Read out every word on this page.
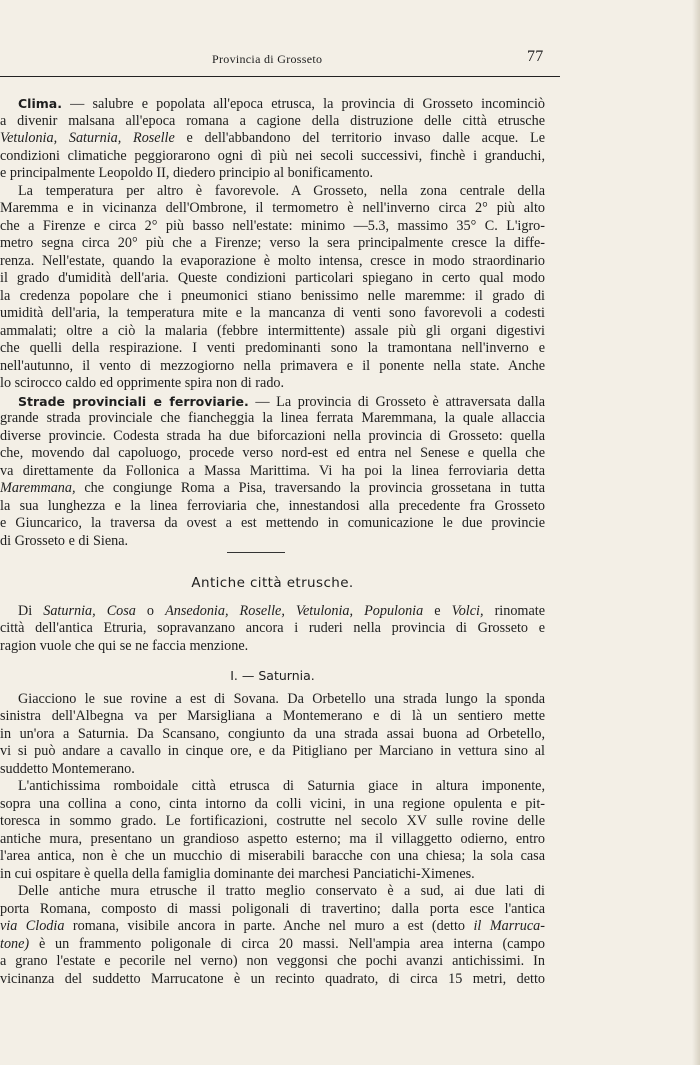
Provincia di Grosseto	77
Clima. — salubre e popolata all'epoca etrusca, la provincia di Grosseto incominciò
a divenir malsana all'epoca romana a cagione della distruzione delle città etrusche
Vetulonia, Saturnia, Roselle e dell'abbandono del territorio invaso dalle acque. Le
condizioni climatiche peggiorarono ogni dì più nei secoli successivi, finchè i granduchi,
e principalmente Leopoldo II, diedero principio al bonificamento.
La temperatura per altro è favorevole. A Grosseto, nella zona centrale della
Maremma e in vicinanza dell'Ombrone, il termometro è nell'inverno circa 2° più alto
che a Firenze e circa 2° più basso nell'estate: minimo —5.3, massimo 35° C. L'igro-
metro segna circa 20° più che a Firenze; verso la sera principalmente cresce la diffe-
renza. Nell'estate, quando la evaporazione è molto intensa, cresce in modo straordinario
il grado d'umidità dell'aria. Queste condizioni particolari spiegano in certo qual modo
la credenza popolare che i pneumonici stiano benissimo nelle maremme: il grado di
umidità dell'aria, la temperatura mite e la mancanza di venti sono favorevoli a codesti
ammalati; oltre a ciò la malaria (febbre intermittente) assale più gli organi digestivi
che quelli della respirazione. I venti predominanti sono la tramontana nell'inverno e
nell'autunno, il vento di mezzogiorno nella primavera e il ponente nella state. Anche
lo scirocco caldo ed opprimente spira non di rado.
Strade provinciali e ferroviarie. — La provincia di Grosseto è attraversata dalla
grande strada provinciale che fiancheggia la linea ferrata Maremmana, la quale allaccia
diverse provincie. Codesta strada ha due biforcazioni nella provincia di Grosseto: quella
che, movendo dal capoluogo, procede verso nord-est ed entra nel Senese e quella che
va direttamente da Follonica a Massa Marittima. Vi ha poi la linea ferroviaria detta
Maremmana, che congiunge Roma a Pisa, traversando la provincia grossetana in tutta
la sua lunghezza e la linea ferroviaria che, innestandosi alla precedente fra Grosseto
e Giuncarico, la traversa da ovest a est mettendo in comunicazione le due provincie
di Grosseto e di Siena.
Antiche città etrusche.
Di Saturnia, Cosa o Ansedonia, Roselle, Vetulonia, Populonia e Volci, rinomate
città dell'antica Etruria, sopravanzano ancora i ruderi nella provincia di Grosseto e
ragion vuole che qui se ne faccia menzione.
I. — Saturnia.
Giacciono le sue rovine a est di Sovana. Da Orbetello una strada lungo la sponda
sinistra dell'Albegna va per Marsigliana a Montemerano e di là un sentiero mette
in un'ora a Saturnia. Da Scansano, congiunto da una strada assai buona ad Orbetello,
vi si può andare a cavallo in cinque ore, e da Pitigliano per Marciano in vettura sino al
suddetto Montemerano.
L'antichissima romboidale città etrusca di Saturnia giace in altura imponente,
sopra una collina a cono, cinta intorno da colli vicini, in una regione opulenta e pit-
toresca in sommo grado. Le fortificazioni, costrutte nel secolo XV sulle rovine delle
antiche mura, presentano un grandioso aspetto esterno; ma il villaggetto odierno, entro
l'area antica, non è che un mucchio di miserabili baracche con una chiesa; la sola casa
in cui ospitare è quella della famiglia dominante dei marchesi Panciatichi-Ximenes.
Delle antiche mura etrusche il tratto meglio conservato è a sud, ai due lati di
porta Romana, composto di massi poligonali di travertino; dalla porta esce l'antica
via Clodia romana, visibile ancora in parte. Anche nel muro a est (detto il Marruca-
tone) è un frammento poligonale di circa 20 massi. Nell'ampia area interna (campo
a grano l'estate e pecorile nel verno) non veggonsi che pochi avanzi antichissimi. In
vicinanza del suddetto Marrucatone è un recinto quadrato, di circa 15 metri, detto
